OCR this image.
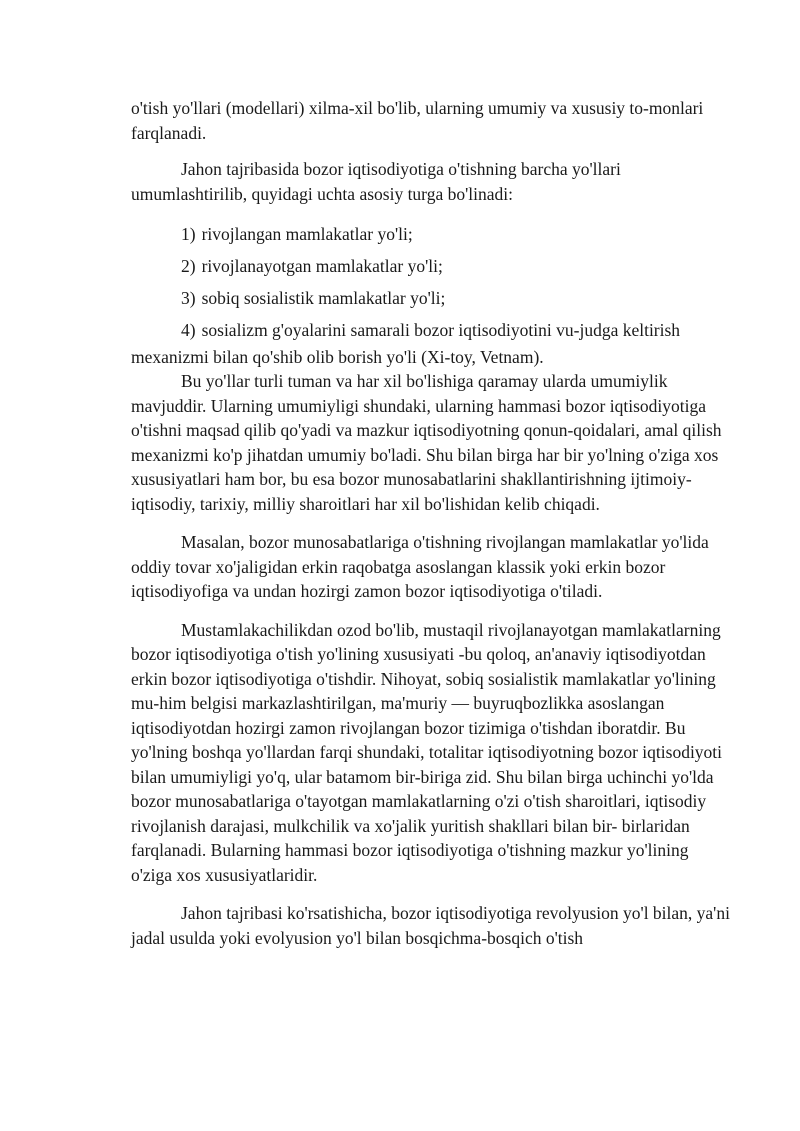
o'tish yo'llari (modellari) xilma-xil bo'lib, ularning umumiy va xususiy to-monlari farqlanadi.

Jahon tajribasida bozor iqtisodiyotiga o'tishning barcha yo'llari umumlashtirilib, quyidagi uchta asosiy turga bo'linadi:

1) rivojlangan mamlakatlar yo'li;
2) rivojlanayotgan mamlakatlar yo'li;
3) sobiq sosialistik mamlakatlar yo'li;
4) sosializm g'oyalarini samarali bozor iqtisodiyotini vu-judga keltirish

mexanizmi bilan qo'shib olib borish yo'li (Xi-toy, Vetnam).

Bu yo'llar turli tuman va har xil bo'lishiga qaramay ularda umumiylik mavjuddir. Ularning umumiyligi shundaki, ularning hammasi bozor iqtisodiyotiga o'tishni maqsad qilib qo'yadi va mazkur iqtisodiyotning qonun-qoidalari, amal qilish mexanizmi ko'p jihatdan umumiy bo'ladi. Shu bilan birga har bir yo'lning o'ziga xos xususiyatlari ham bor, bu esa bozor munosabatlarini shakllantirishning ijtimoiy-iqtisodiy, tarixiy, milliy sharoitlari har xil bo'lishidan kelib chiqadi.

Masalan, bozor munosabatlariga o'tishning rivojlangan mamlakatlar yo'lida oddiy tovar xo'jaligidan erkin raqobatga asoslangan klassik yoki erkin bozor iqtisodiyofiga va undan hozirgi zamon bozor iqtisodiyotiga o'tiladi.

Mustamlakachilikdan ozod bo'lib, mustaqil rivojlanayotgan mamlakatlarning bozor iqtisodiyotiga o'tish yo'lining xususiyati -bu qoloq, an'anaviy iqtisodiyotdan erkin bozor iqtisodiyotiga o'tishdir. Nihoyat, sobiq sosialistik mamlakatlar yo'lining mu-him belgisi markazlashtirilgan, ma'muriy — buyruqbozlikka asoslangan iqtisodiyotdan hozirgi zamon rivojlangan bozor tizimiga o'tishdan iboratdir. Bu yo'lning boshqa yo'llardan farqi shundaki, totalitar iqtisodiyotning bozor iqtisodiyoti bilan umumiyligi yo'q, ular batamom bir-biriga zid. Shu bilan birga uchinchi yo'lda bozor munosabatlariga o'tayotgan mamlakatlarning o'zi o'tish sharoitlari, iqtisodiy rivojlanish darajasi, mulkchilik va xo'jalik yuritish shakllari bilan bir- birlaridan farqlanadi. Bularning hammasi bozor iqtisodiyotiga o'tishning mazkur yo'lining o'ziga xos xususiyatlaridir.

Jahon tajribasi ko'rsatishicha, bozor iqtisodiyotiga revolyusion yo'l bilan, ya'ni jadal usulda yoki evolyusion yo'l bilan bosqichma-bosqich o'tish
